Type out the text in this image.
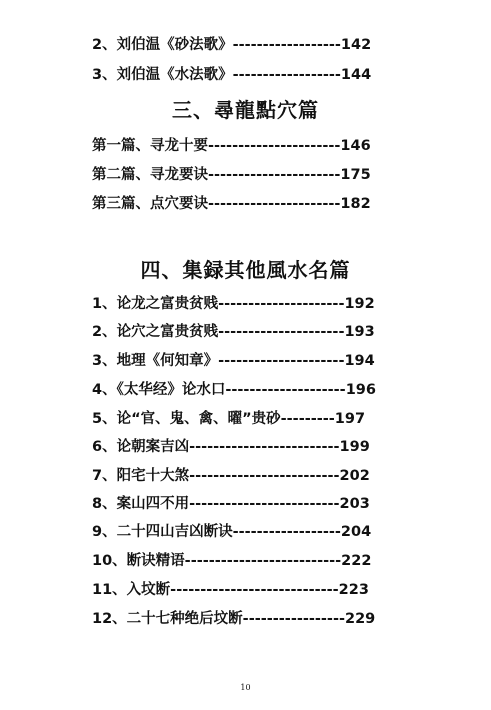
2、刘伯温《砂法歌》------------------142
3、刘伯温《水法歌》------------------144
三、尋龍點穴篇
第一篇、寻龙十要----------------------146
第二篇、寻龙要诀----------------------175
第三篇、点穴要诀----------------------182
四、集録其他風水名篇
1、论龙之富贵贫贱---------------------192
2、论穴之富贵贫贱---------------------193
3、地理《何知章》---------------------194
4、《太华经》论水口--------------------196
5、论“官、鬼、禽、曜”贵砂---------197
6、论朝案吉凶-------------------------199
7、阳宅十大煞-------------------------202
8、案山四不用-------------------------203
9、二十四山吉凶断诀------------------204
10、断诀精语--------------------------222
11、入坟断----------------------------223
12、二十七种绝后坟断-----------------229
10
